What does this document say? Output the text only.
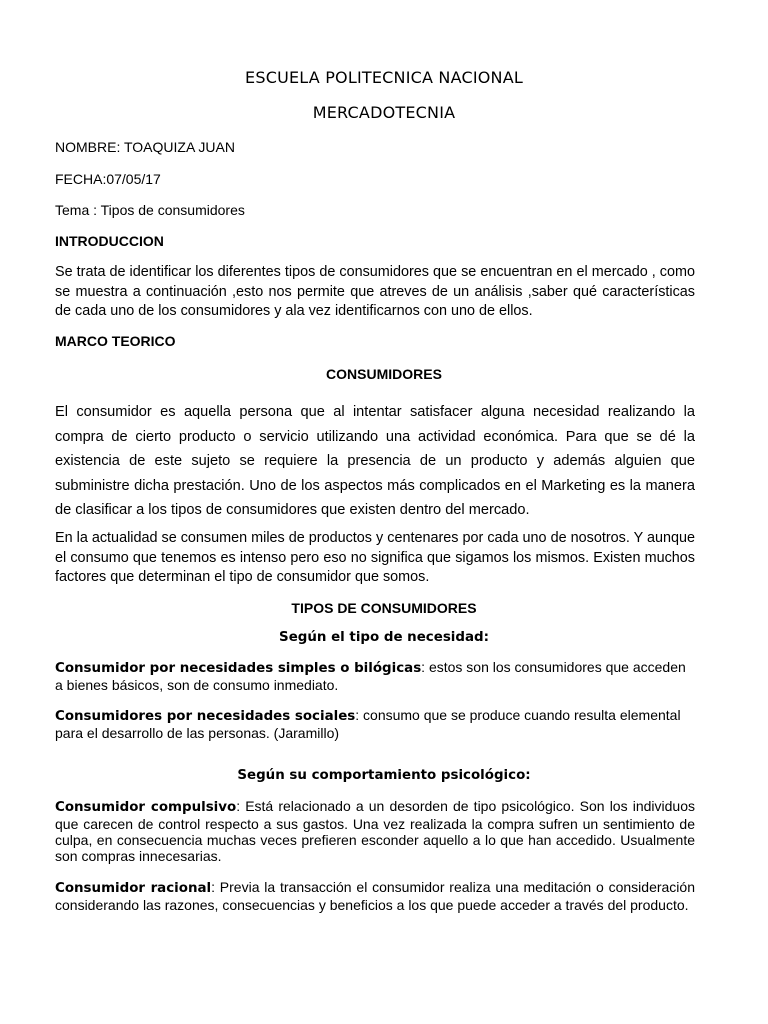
ESCUELA POLITECNICA NACIONAL

MERCADOTECNIA

NOMBRE: TOAQUIZA JUAN

FECHA:07/05/17

Tema : Tipos de consumidores

INTRODUCCION

Se trata de identificar los diferentes tipos de consumidores que se encuentran en el mercado , como se muestra a continuación ,esto nos permite que atreves de un análisis ,saber qué características de cada uno de los consumidores y ala vez identificarnos con uno de ellos.

MARCO TEORICO

CONSUMIDORES

El consumidor es aquella persona que al intentar satisfacer alguna necesidad realizando la compra de cierto producto o servicio utilizando una actividad económica. Para que se dé la existencia de este sujeto se requiere la presencia de un producto y además alguien que subministre dicha prestación. Uno de los aspectos más complicados en el Marketing es la manera de clasificar a los tipos de consumidores que existen dentro del mercado.

En la actualidad se consumen miles de productos y centenares por cada uno de nosotros. Y aunque el consumo que tenemos es intenso pero eso no significa que sigamos los mismos. Existen muchos factores que determinan el tipo de consumidor que somos.

TIPOS DE CONSUMIDORES

Según el tipo de necesidad:

Consumidor por necesidades simples o bilógicas: estos son los consumidores que acceden a bienes básicos, son de consumo inmediato.

Consumidores por necesidades sociales: consumo que se produce cuando resulta elemental para el desarrollo de las personas. (Jaramillo)

Según su comportamiento psicológico:

Consumidor compulsivo: Está relacionado a un desorden de tipo psicológico. Son los individuos que carecen de control respecto a sus gastos. Una vez realizada la compra sufren un sentimiento de culpa, en consecuencia muchas veces prefieren esconder aquello a lo que han accedido. Usualmente son compras innecesarias.

Consumidor racional: Previa la transacción el consumidor realiza una meditación o consideración considerando las razones, consecuencias y beneficios a los que puede acceder a través del producto.
